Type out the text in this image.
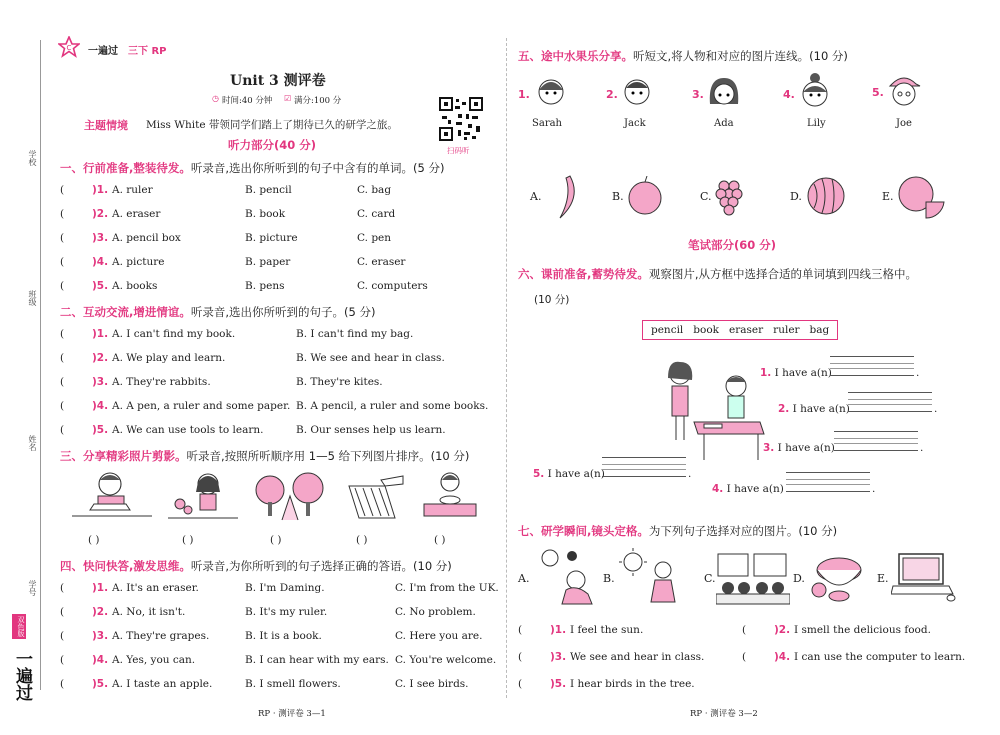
学校
班级
姓名
学号
一遍过
双色版
C 一遍过 三下 RP
Unit 3 测评卷
◷ 时间:40 分钟 ☑ 满分:100 分
扫码听
主题情境 Miss White 带领同学们踏上了期待已久的研学之旅。
听力部分(40 分)
一、行前准备,整装待发。听录音,选出你所听到的句子中含有的单词。(5 分)
(	)1. A. ruler	B. pencil	C. bag
(	)2. A. eraser	B. book	C. card
(	)3. A. pencil box	B. picture	C. pen
(	)4. A. picture	B. paper	C. eraser
(	)5. A. books	B. pens	C. computers
二、互动交流,增进情谊。听录音,选出你所听到的句子。(5 分)
(	)1. A. I can't find my book.	B. I can't find my bag.
(	)2. A. We play and learn.	B. We see and hear in class.
(	)3. A. They're rabbits.	B. They're kites.
(	)4. A. A pen, a ruler and some paper. B. A pencil, a ruler and some books.
(	)5. A. We can use tools to learn.	B. Our senses help us learn.
三、分享精彩照片剪影。听录音,按照所听顺序用 1—5 给下列图片排序。(10 分)
( )	( )	( )	( )	( )
四、快问快答,激发思维。听录音,为你所听到的句子选择正确的答语。(10 分)
(	)1. A. It's an eraser.	B. I'm Daming.	C. I'm from the UK.
(	)2. A. No, it isn't.	B. It's my ruler.	C. No problem.
(	)3. A. They're grapes.	B. It is a book.	C. Here you are.
(	)4. A. Yes, you can.	B. I can hear with my ears. C. You're welcome.
(	)5. A. I taste an apple.	B. I smell flowers.	C. I see birds.
RP · 测评卷 3—1
五、途中水果乐分享。听短文,将人物和对应的图片连线。(10 分)
1.
Sarah
2.
Jack
3.
Ada
4.
Lily
5.
Joe
A.	B.	C.	D.	E.
笔试部分(60 分)
六、课前准备,蓄势待发。观察图片,从方框中选择合适的单词填到四线三格中。
(10 分)
pencil   book   eraser   ruler   bag
1. I have a(n)	.
2. I have a(n)	.
3. I have a(n)	.
4. I have a(n)	.
5. I have a(n)	.
七、研学瞬间,镜头定格。为下列句子选择对应的图片。(10 分)
A.	B.	C.	D.	E.
(	)1. I feel the sun.	(	)2. I smell the delicious food.
(	)3. We see and hear in class.	(	)4. I can use the computer to learn.
(	)5. I hear birds in the tree.
RP · 测评卷 3—2
